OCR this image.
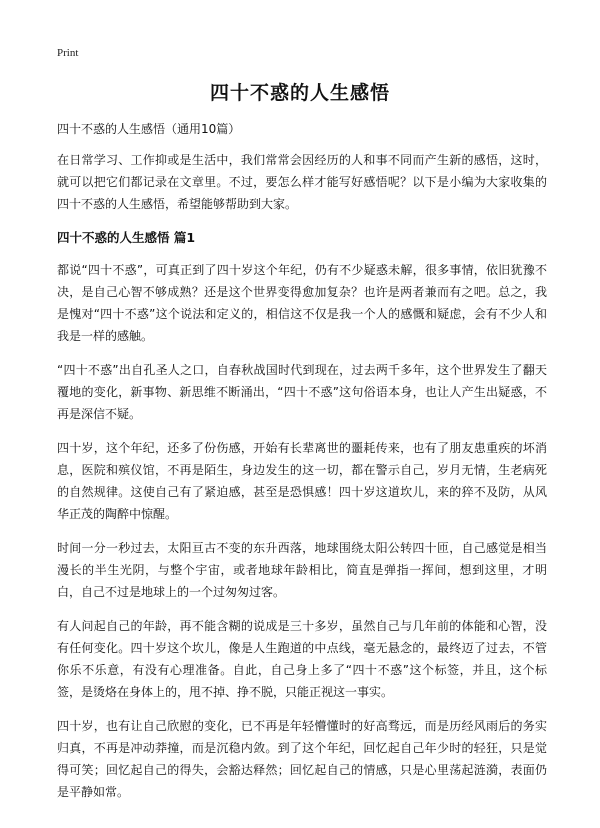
Print
四十不惑的人生感悟

四十不惑的人生感悟（通用10篇）

在日常学习、工作抑或是生活中，我们常常会因经历的人和事不同而产生新的感悟，这时，就可以把它们都记录在文章里。不过，要怎么样才能写好感悟呢？以下是小编为大家收集的四十不惑的人生感悟，希望能够帮助到大家。

四十不惑的人生感悟 篇1

都说“四十不惑”，可真正到了四十岁这个年纪，仍有不少疑惑未解，很多事情，依旧犹豫不决，是自己心智不够成熟？还是这个世界变得愈加复杂？也许是两者兼而有之吧。总之，我是愧对“四十不惑”这个说法和定义的，相信这不仅是我一个人的感慨和疑虑，会有不少人和我是一样的感触。

“四十不惑”出自孔圣人之口，自春秋战国时代到现在，过去两千多年，这个世界发生了翻天覆地的变化，新事物、新思维不断涌出，“四十不惑”这句俗语本身，也让人产生出疑惑，不再是深信不疑。

四十岁，这个年纪，还多了份伤感，开始有长辈离世的噩耗传来，也有了朋友患重疾的坏消息，医院和殡仪馆，不再是陌生，身边发生的这一切，都在警示自己，岁月无情，生老病死的自然规律。这使自己有了紧迫感，甚至是恐惧感！四十岁这道坎儿，来的猝不及防，从风华正茂的陶醉中惊醒。

时间一分一秒过去，太阳亘古不变的东升西落，地球围绕太阳公转四十匝，自己感觉是相当漫长的半生光阴，与整个宇宙，或者地球年龄相比，简直是弹指一挥间，想到这里，才明白，自己不过是地球上的一个过匆匆过客。

有人问起自己的年龄，再不能含糊的说成是三十多岁，虽然自己与几年前的体能和心智，没有任何变化。四十岁这个坎儿，像是人生跑道的中点线，毫无悬念的，最终迈了过去，不管你乐不乐意，有没有心理准备。自此，自己身上多了“四十不惑”这个标签，并且，这个标签，是烫烙在身体上的，甩不掉、挣不脱，只能正视这一事实。

四十岁，也有让自己欣慰的变化，已不再是年轻懵懂时的好高骛远，而是历经风雨后的务实归真，不再是冲动莽撞，而是沉稳内敛。到了这个年纪，回忆起自己年少时的轻狂，只是觉得可笑；回忆起自己的得失，会豁达释然；回忆起自己的情感，只是心里荡起涟漪，表面仍是平静如常。
